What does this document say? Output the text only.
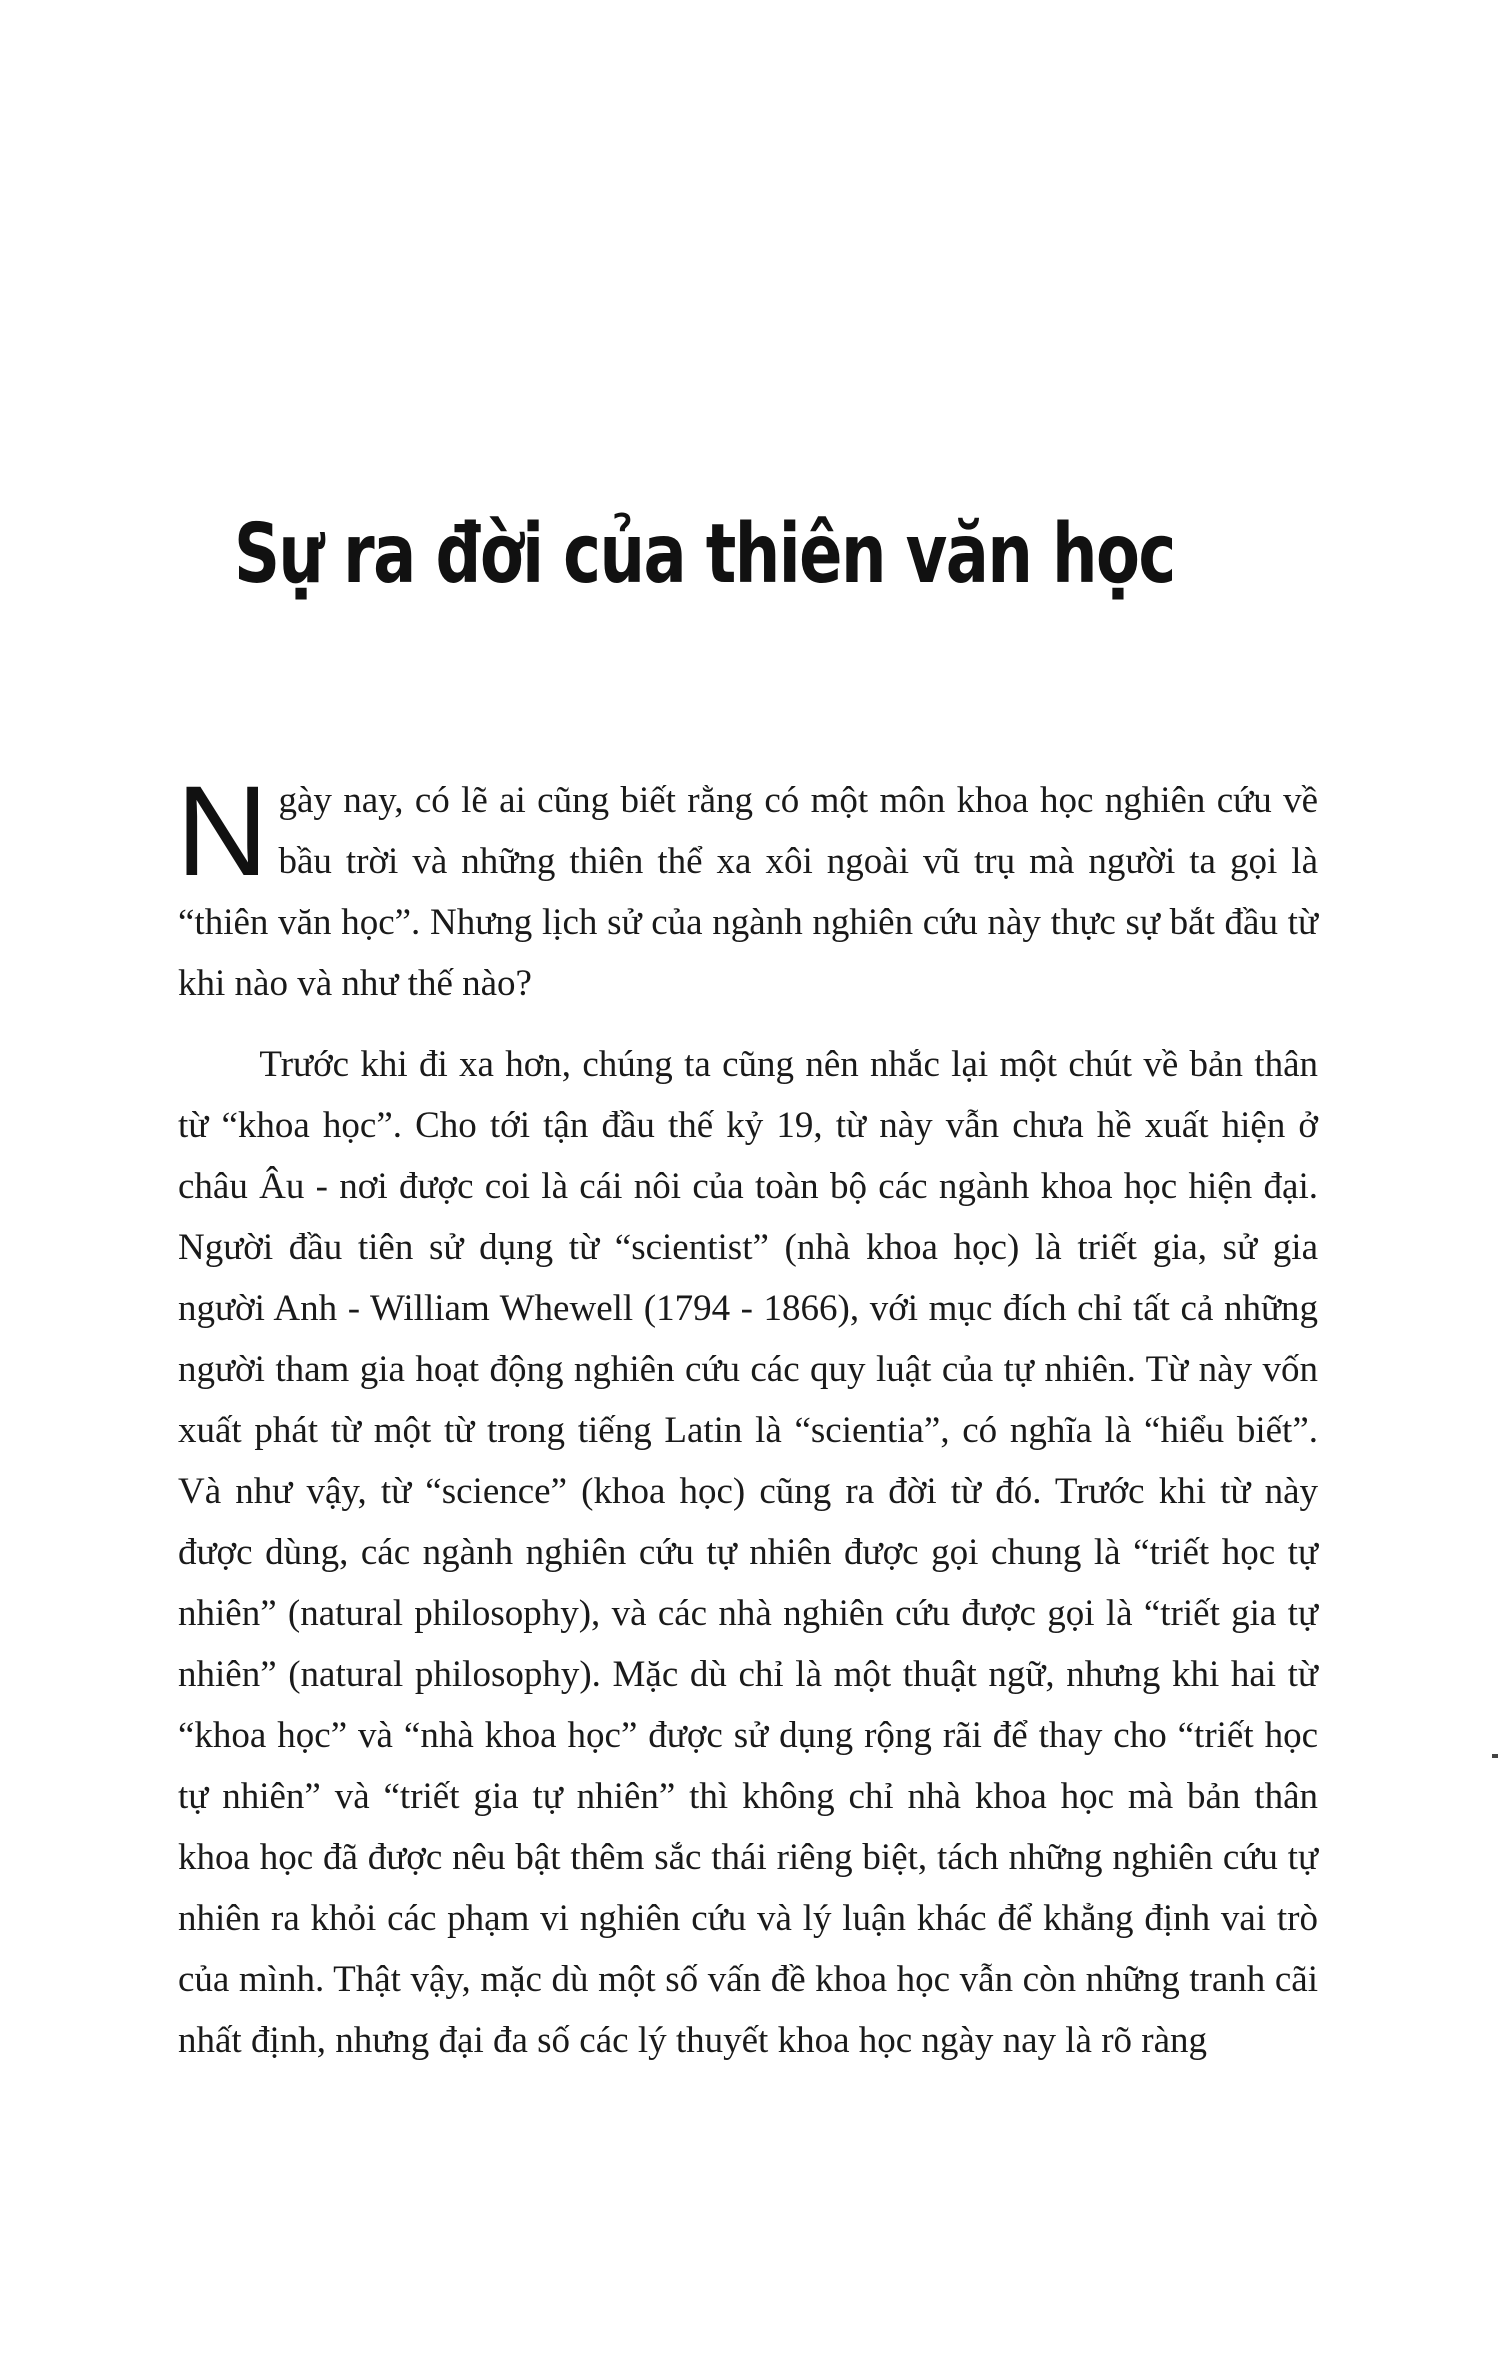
Sự ra đời của thiên văn học

Ngày nay, có lẽ ai cũng biết rằng có một môn khoa học nghiên cứu về bầu trời và những thiên thể xa xôi ngoài vũ trụ mà người ta gọi là “thiên văn học”. Nhưng lịch sử của ngành nghiên cứu này thực sự bắt đầu từ khi nào và như thế nào?

Trước khi đi xa hơn, chúng ta cũng nên nhắc lại một chút về bản thân từ “khoa học”. Cho tới tận đầu thế kỷ 19, từ này vẫn chưa hề xuất hiện ở châu Âu - nơi được coi là cái nôi của toàn bộ các ngành khoa học hiện đại. Người đầu tiên sử dụng từ “scientist” (nhà khoa học) là triết gia, sử gia người Anh - William Whewell (1794 - 1866), với mục đích chỉ tất cả những người tham gia hoạt động nghiên cứu các quy luật của tự nhiên. Từ này vốn xuất phát từ một từ trong tiếng Latin là “scientia”, có nghĩa là “hiểu biết”. Và như vậy, từ “science” (khoa học) cũng ra đời từ đó. Trước khi từ này được dùng, các ngành nghiên cứu tự nhiên được gọi chung là “triết học tự nhiên” (natural philosophy), và các nhà nghiên cứu được gọi là “triết gia tự nhiên” (natural philosophy). Mặc dù chỉ là một thuật ngữ, nhưng khi hai từ “khoa học” và “nhà khoa học” được sử dụng rộng rãi để thay cho “triết học tự nhiên” và “triết gia tự nhiên” thì không chỉ nhà khoa học mà bản thân khoa học đã được nêu bật thêm sắc thái riêng biệt, tách những nghiên cứu tự nhiên ra khỏi các phạm vi nghiên cứu và lý luận khác để khẳng định vai trò của mình. Thật vậy, mặc dù một số vấn đề khoa học vẫn còn những tranh cãi nhất định, nhưng đại đa số các lý thuyết khoa học ngày nay là rõ ràng
